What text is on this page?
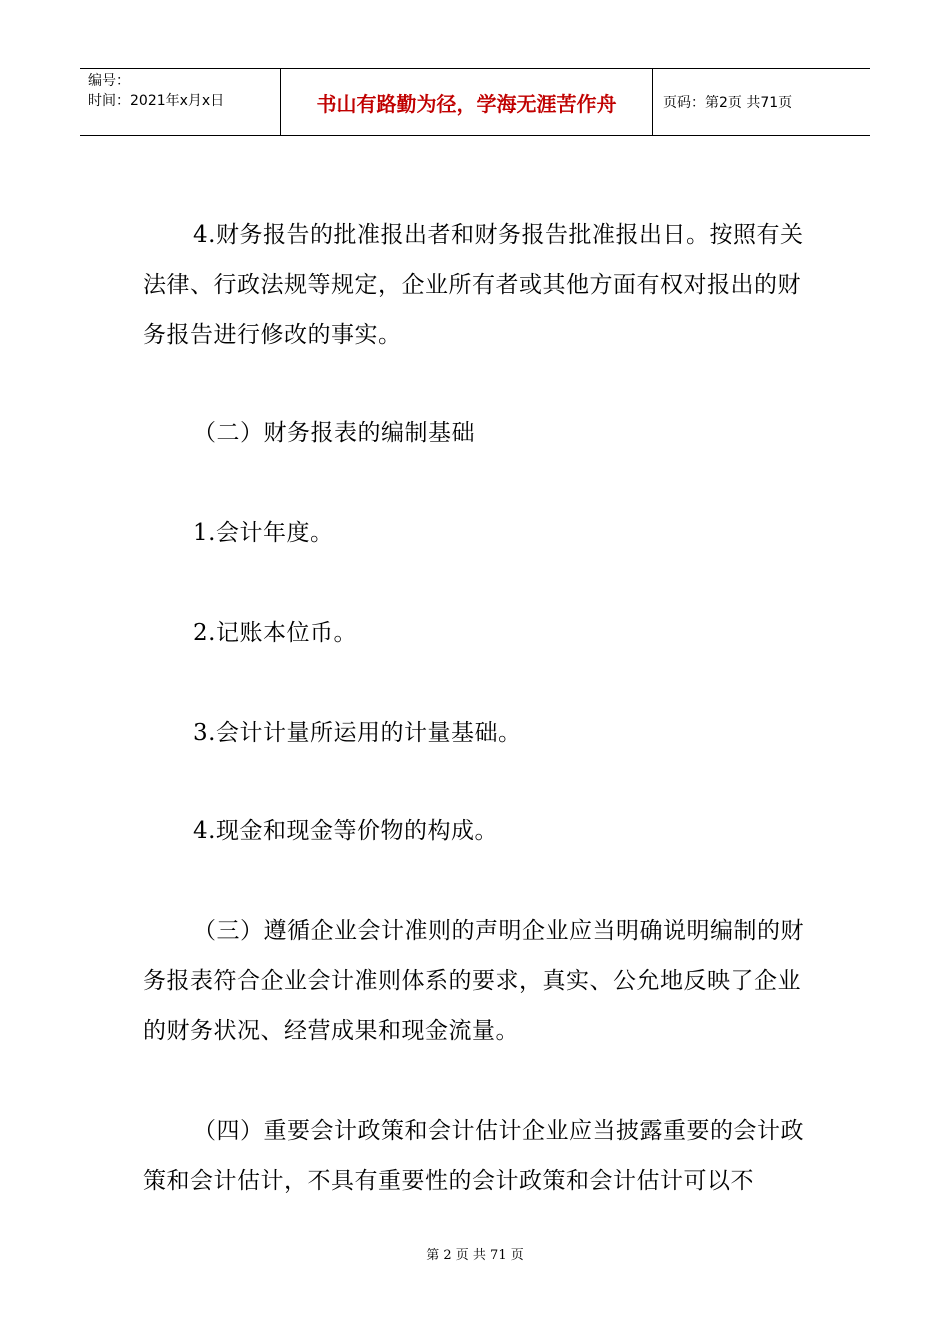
编号：
时间：2021年x月x日	书山有路勤为径，学海无涯苦作舟	页码：第2页 共71页
4.财务报告的批准报出者和财务报告批准报出日。按照有关法律、行政法规等规定，企业所有者或其他方面有权对报出的财务报告进行修改的事实。
（二）财务报表的编制基础
1.会计年度。
2.记账本位币。
3.会计计量所运用的计量基础。
4.现金和现金等价物的构成。
（三）遵循企业会计准则的声明企业应当明确说明编制的财务报表符合企业会计准则体系的要求，真实、公允地反映了企业的财务状况、经营成果和现金流量。
（四）重要会计政策和会计估计企业应当披露重要的会计政策和会计估计，不具有重要性的会计政策和会计估计可以不
第 2 页 共 71 页
